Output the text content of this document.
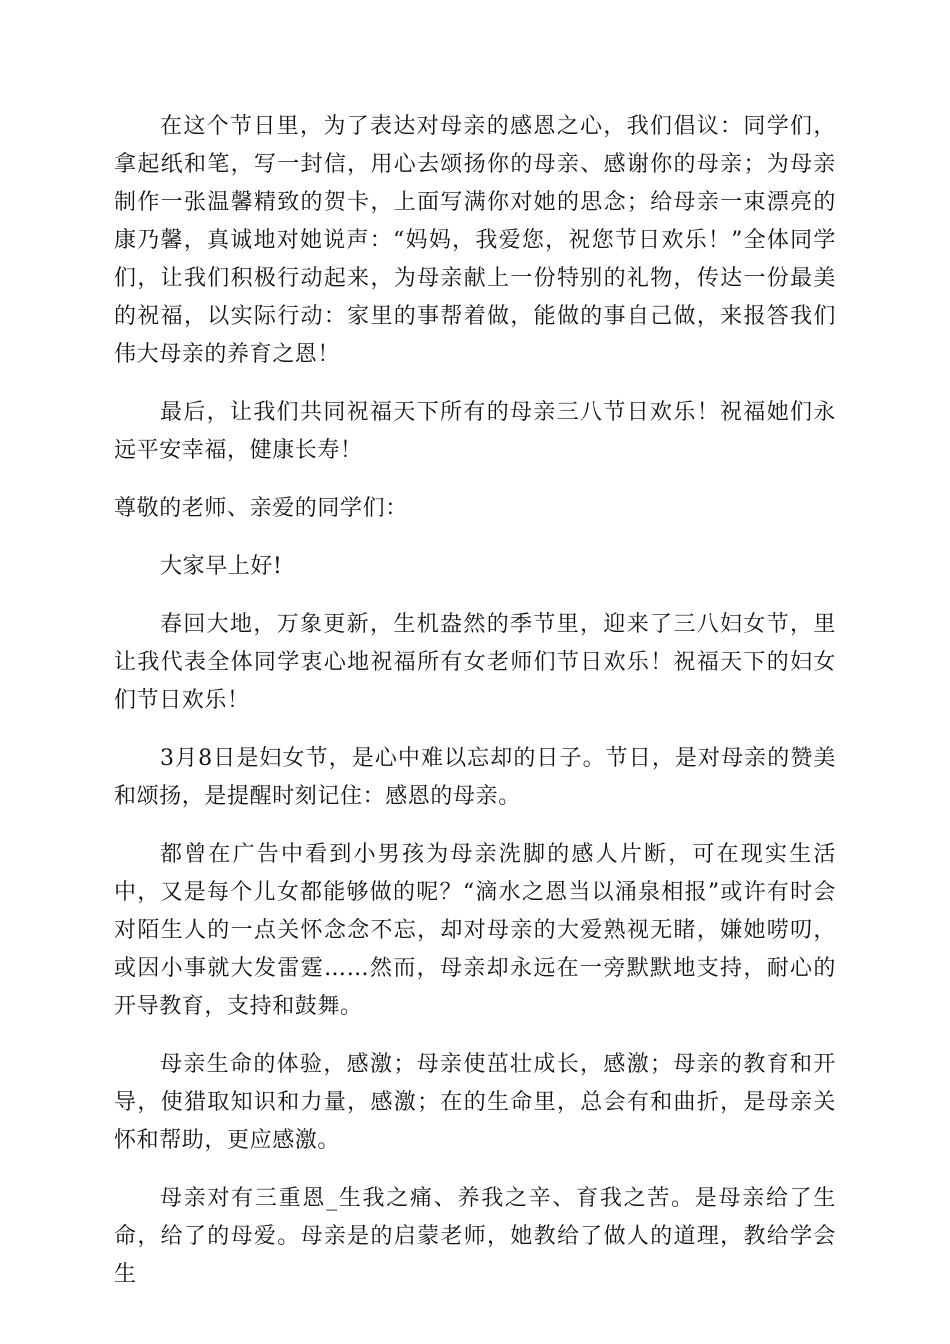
在这个节日里，为了表达对母亲的感恩之心，我们倡议：同学们，拿起纸和笔，写一封信，用心去颂扬你的母亲、感谢你的母亲；为母亲制作一张温馨精致的贺卡，上面写满你对她的思念；给母亲一束漂亮的康乃馨，真诚地对她说声：“妈妈，我爱您，祝您节日欢乐！”全体同学们，让我们积极行动起来，为母亲献上一份特别的礼物，传达一份最美的祝福，以实际行动：家里的事帮着做，能做的事自己做，来报答我们伟大母亲的养育之恩！

最后，让我们共同祝福天下所有的母亲三八节日欢乐！祝福她们永远平安幸福，健康长寿！

尊敬的老师、亲爱的同学们：

大家早上好!

春回大地，万象更新，生机盎然的季节里，迎来了三八妇女节，里让我代表全体同学衷心地祝福所有女老师们节日欢乐！祝福天下的妇女们节日欢乐！

3月8日是妇女节，是心中难以忘却的日子。节日，是对母亲的赞美和颂扬，是提醒时刻记住：感恩的母亲。

都曾在广告中看到小男孩为母亲洗脚的感人片断，可在现实生活中，又是每个儿女都能够做的呢？“滴水之恩当以涌泉相报”或许有时会对陌生人的一点关怀念念不忘，却对母亲的大爱熟视无睹，嫌她唠叨，或因小事就大发雷霆……然而，母亲却永远在一旁默默地支持，耐心的开导教育，支持和鼓舞。

母亲生命的体验，感激；母亲使茁壮成长，感激；母亲的教育和开导，使猎取知识和力量，感激；在的生命里，总会有和曲折，是母亲关怀和帮助，更应感激。

母亲对有三重恩_生我之痛、养我之辛、育我之苦。是母亲给了生命，给了的母爱。母亲是的启蒙老师，她教给了做人的道理，教给学会生
